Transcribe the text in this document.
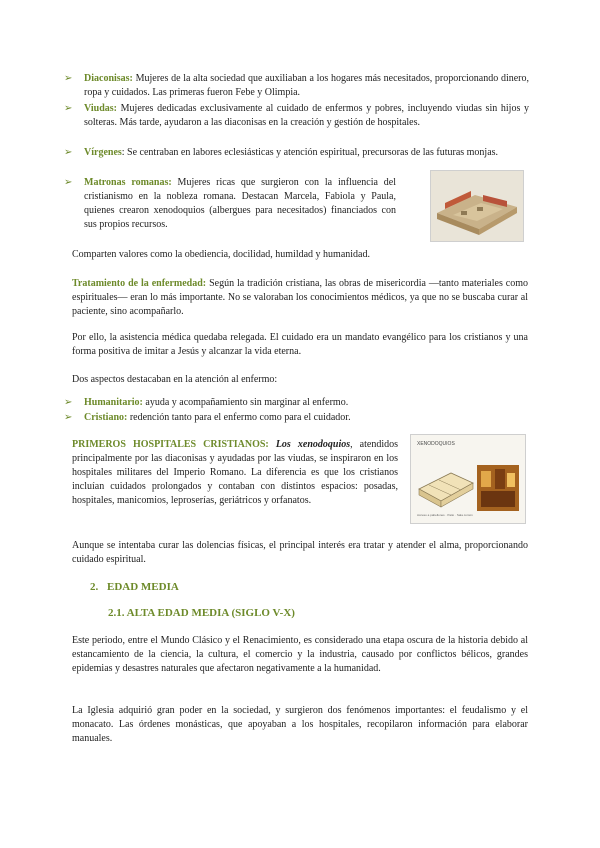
➢ Diaconisas: Mujeres de la alta sociedad que auxiliaban a los hogares más necesitados, proporcionando dinero, ropa y cuidados. Las primeras fueron Febe y Olimpia.
➢ Viudas: Mujeres dedicadas exclusivamente al cuidado de enfermos y pobres, incluyendo viudas sin hijos y solteras. Más tarde, ayudaron a las diaconisas en la creación y gestión de hospitales.
➢ Vírgenes: Se centraban en labores eclesiásticas y atención espiritual, precursoras de las futuras monjas.
➢ Matronas romanas: Mujeres ricas que surgieron con la influencia del cristianismo en la nobleza romana. Destacan Marcela, Fabiola y Paula, quienes crearon xenodoquios (albergues para necesitados) financiados con sus propios recursos.

Comparten valores como la obediencia, docilidad, humildad y humanidad.

Tratamiento de la enfermedad: Según la tradición cristiana, las obras de misericordia —tanto materiales como espirituales— eran lo más importante. No se valoraban los conocimientos médicos, ya que no se buscaba curar al paciente, sino acompañarlo.

Por ello, la asistencia médica quedaba relegada. El cuidado era un mandato evangélico para los cristianos y una forma positiva de imitar a Jesús y alcanzar la vida eterna.

Dos aspectos destacaban en la atención al enfermo:

➢ Humanitario: ayuda y acompañamiento sin marginar al enfermo.
➢ Cristiano: redención tanto para el enfermo como para el cuidador.

PRIMEROS HOSPITALES CRISTIANOS: Los xenodoquios, atendidos principalmente por las diaconisas y ayudadas por las viudas, se inspiraron en los hospitales militares del Imperio Romano. La diferencia es que los cristianos incluían cuidados prolongados y contaban con distintos espacios: posadas, hospitales, manicomios, leproserías, geriátricos y orfanatos.

XENODOQUIOS
Acceso a pabellones · Patio · Sala común

Aunque se intentaba curar las dolencias físicas, el principal interés era tratar y atender el alma, proporcionando cuidado espiritual.

2. EDAD MEDIA
2.1. ALTA EDAD MEDIA (SIGLO V-X)

Este periodo, entre el Mundo Clásico y el Renacimiento, es considerado una etapa oscura de la historia debido al estancamiento de la ciencia, la cultura, el comercio y la industria, causado por conflictos bélicos, grandes epidemias y desastres naturales que afectaron negativamente a la humanidad.

La Iglesia adquirió gran poder en la sociedad, y surgieron dos fenómenos importantes: el feudalismo y el monacato. Las órdenes monásticas, que apoyaban a los hospitales, recopilaron información para elaborar manuales.
